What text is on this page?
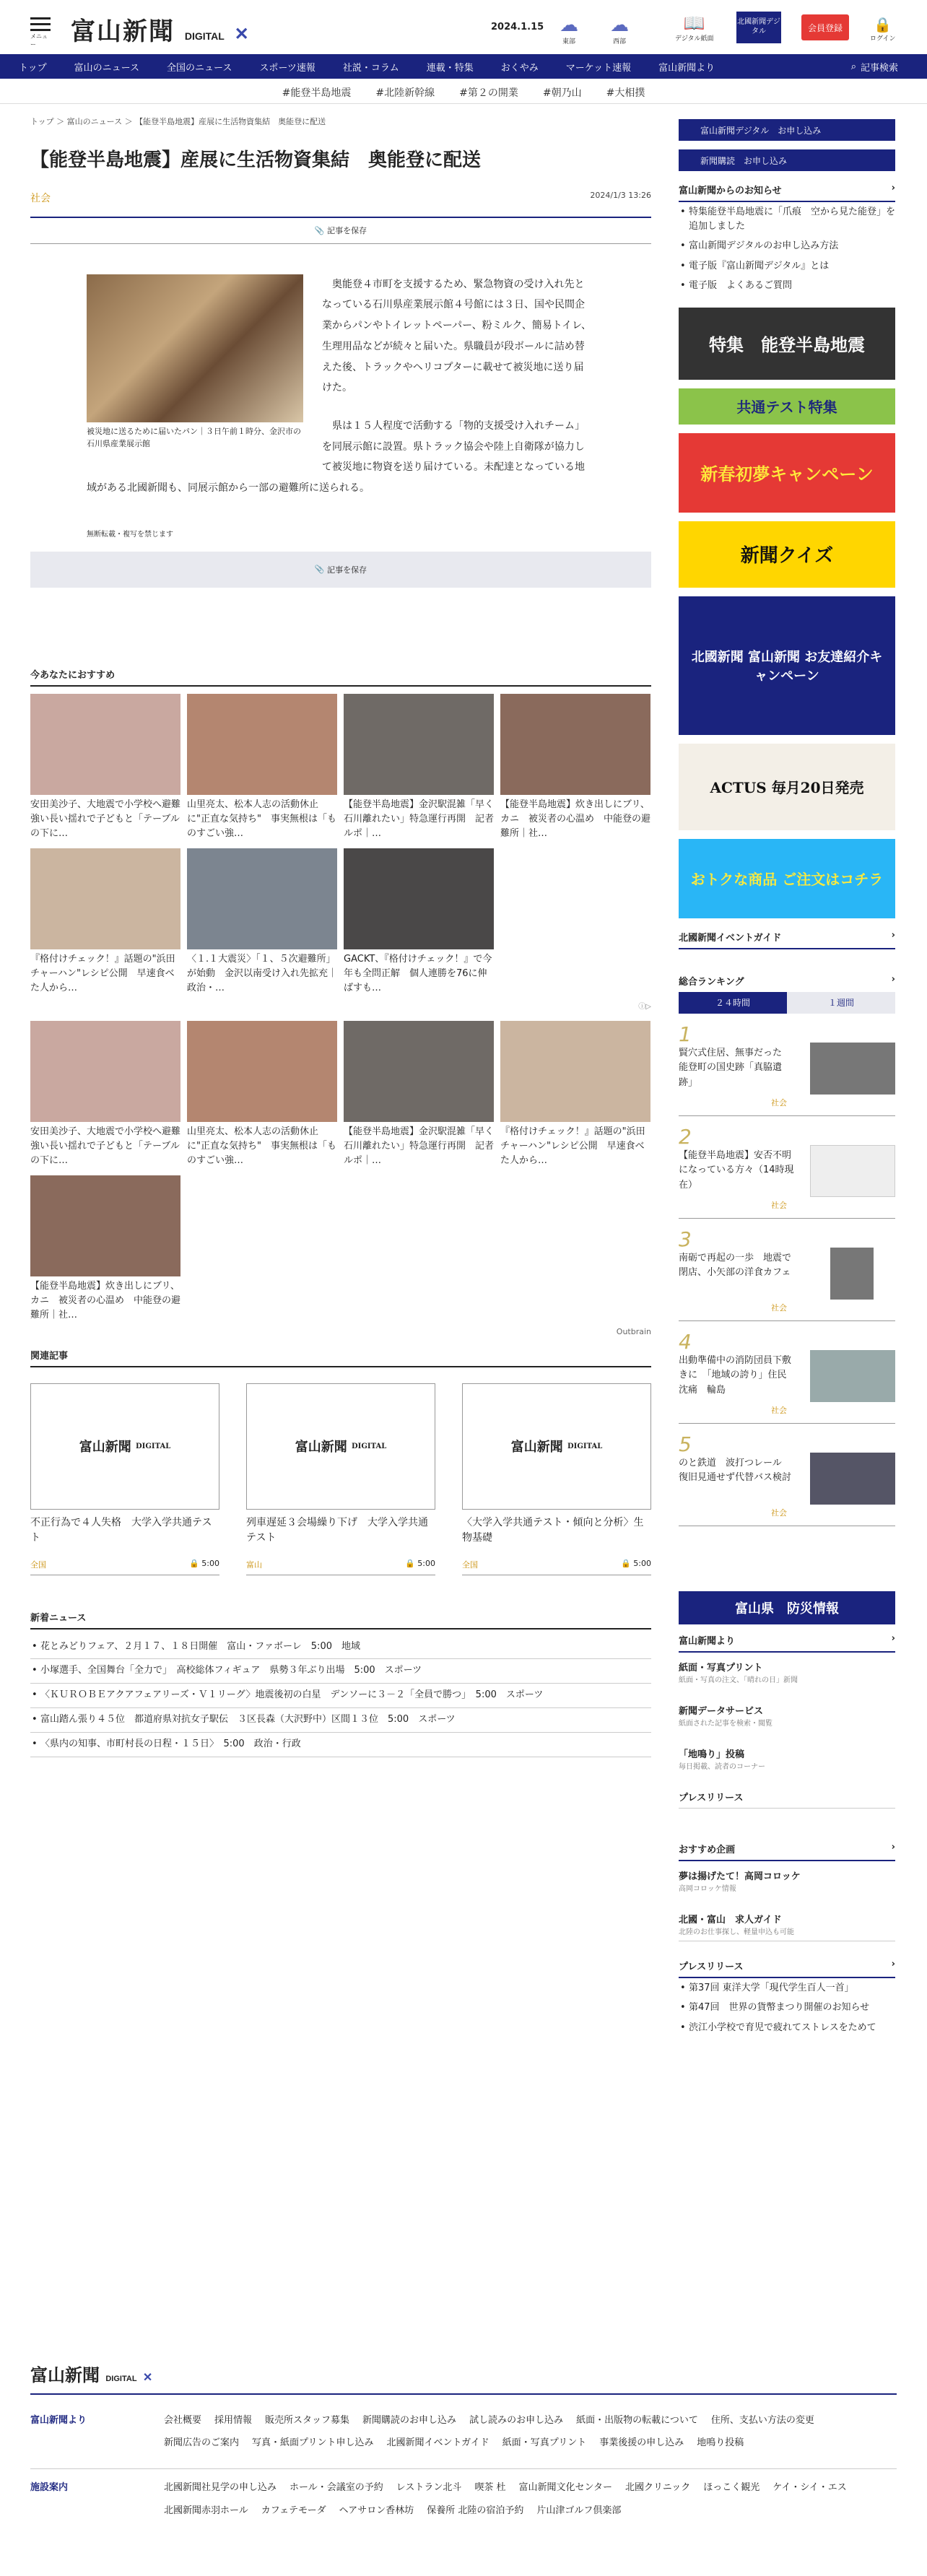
メニュー	富山新聞 DIGITAL ✕	2024.1.15 ☁
東部
☁
西部
📖
デジタル紙面
北國新聞デジタル	会員登録	🔒
ログイン
トップ	富山のニュース	全国のニュース	スポーツ速報	社説・コラム	連載・特集	おくやみ	マーケット速報	富山新聞より	⌕ 記事検索
#能登半島地震 #北陸新幹線 #第２の開業 #朝乃山 #大相撲
トップ ＞ 富山のニュース ＞ 【能登半島地震】産展に生活物資集結　奥能登に配送
【能登半島地震】産展に生活物資集結　奥能登に配送
社会	2024/1/3 13:26
📎
記事を保存
被災地に送るために届いたパン｜３日午前１時分、金沢市の石川県産業展示館

　奥能登４市町を支援するため、緊急物資の受け入れ先となっている石川県産業展示館４号館には３日、国や民間企業からパンやトイレットペーパー、粉ミルク、簡易トイレ、生理用品などが続々と届いた。県職員が段ボールに詰め替えた後、トラックやヘリコプターに載せて被災地に送り届けた。

　県は１５人程度で活動する「物的支援受け入れチーム」を同展示館に設置。県トラック協会や陸上自衛隊が協力して被災地に物資を送り届けている。未配達となっている地域がある北國新聞も、同展示館から一部の避難所に送られる。

無断転載・複写を禁じます
📎
記事を保存
今あなたにおすすめ
安田美沙子、大地震で小学校へ避難　強い長い揺れで子どもと「テーブルの下に…
山里亮太、松本人志の活動休止に"正直な気持ち"　事実無根は「ものすごい強…
【能登半島地震】金沢駅混雑「早く石川離れたい」特急運行再開　記者ルポ｜…
【能登半島地震】炊き出しにブリ、カニ　被災者の心温め　中能登の避難所｜社…
『格付けチェック！』話題の"浜田チャーハン"レシピ公開　早速食べた人から…
〈１.１大震災〉「１、５次避難所」が始動　金沢以南受け入れ先拡充｜政治・…
GACKT、『格付けチェック！』で今年も全問正解　個人連勝を76に伸ばすも…
ⓘ▷
安田美沙子、大地震で小学校へ避難　強い長い揺れで子どもと「テーブルの下に…
山里亮太、松本人志の活動休止に"正直な気持ち"　事実無根は「ものすごい強…
【能登半島地震】金沢駅混雑「早く石川離れたい」特急運行再開　記者ルポ｜…
『格付けチェック！』話題の"浜田チャーハン"レシピ公開　早速食べた人から…
【能登半島地震】炊き出しにブリ、カニ　被災者の心温め　中能登の避難所｜社…
Outbrain
関連記事
富山新聞
DIGITAL
不正行為で４人失格　大学入学共通テスト
全国	🔒 5:00
富山新聞
DIGITAL
列車遅延３会場繰り下げ　大学入学共通テスト
富山	🔒 5:00
富山新聞
DIGITAL
〈大学入学共通テスト・傾向と分析〉生物基礎
全国	🔒 5:00
新着ニュース
• 花とみどりフェア、２月１７、１８日開催　富山・ファボーレ　5:00　地域
• 小塚選手、全国舞台「全力で」　高校総体フィギュア　県勢３年ぶり出場　5:00　スポーツ
• 〈ＫＵＲＯＢＥアクアフェアリーズ・Ｖ１リーグ〉地震後初の白星　デンソーに３－２「全員で勝つ」　5:00　スポーツ
• 富山踏ん張り４５位　都道府県対抗女子駅伝　３区長森（大沢野中）区間１３位　5:00　スポーツ
• 〈県内の知事、市町村長の日程・１５日〉　5:00　政治・行政
富山新聞デジタル　お申し込み
新聞購読　お申し込み
富山新聞からのお知らせ	›
• 特集能登半島地震に「爪痕　空から見た能登」を追加しました
• 富山新聞デジタルのお申し込み方法
• 電子版『富山新聞デジタル』とは
• 電子版　よくあるご質問
特集　能登半島地震
共通テスト特集
新春初夢キャンペーン
新聞クイズ
北國新聞 富山新聞 お友達紹介キャンペーン
ACTUS 毎月20日発売
おトクな商品 ご注文はコチラ
北國新聞イベントガイド	›
総合ランキング	›
２４時間	１週間
1
賢穴式住居、無事だった　能登町の国史跡「真脇遺跡」
社会
2
【能登半島地震】安否不明になっている方々（14時現在）
社会
3
南砺で再起の一歩　地震で閉店、小矢部の洋食カフェ
社会
4
出動準備中の消防団員下敷きに　「地域の誇り」住民沈痛　輪島
社会
5
のと鉄道　波打つレール　復旧見通せず代替バス検討
社会
富山県　防災情報
富山新聞より	›
紙面・写真プリント
紙面・写真の注文、「晴れの日」新聞
新聞データサービス
紙面された記事を検索・閲覧
「地鳴り」投稿
毎日掲載、読者のコーナー
プレスリリース
おすすめ企画	›
夢は揚げたて！高岡コロッケ
高岡コロッケ情報
北國・富山　求人ガイド
北陸のお仕事探し、軽量申込も可能
プレスリリース	›
• 第37回 東洋大学「現代学生百人一首」
• 第47回　世界の貨幣まつり開催のお知らせ
• 渋江小学校で育児で疲れてストレスをためて
富山新聞 DIGITAL ✕
富山新聞より	会社概要 採用情報 販売所スタッフ募集 新聞購読のお申し込み 試し読みのお申し込み 紙面・出版物の転載について 住所、支払い方法の変更
新聞広告のご案内 写真・紙面プリント申し込み 北國新聞イベントガイド 紙面・写真プリント 事業後援の申し込み 地鳴り投稿
施設案内	北國新聞社見学の申し込み ホール・会議室の予約 レストラン北斗 喫茶 杜 富山新聞文化センター 北國クリニック ほっこく観光 ケイ・シイ・エス
北國新聞赤羽ホール カフェテモーダ ヘアサロン香林坊 保養所 北陸の宿泊予約 片山津ゴルフ倶楽部
